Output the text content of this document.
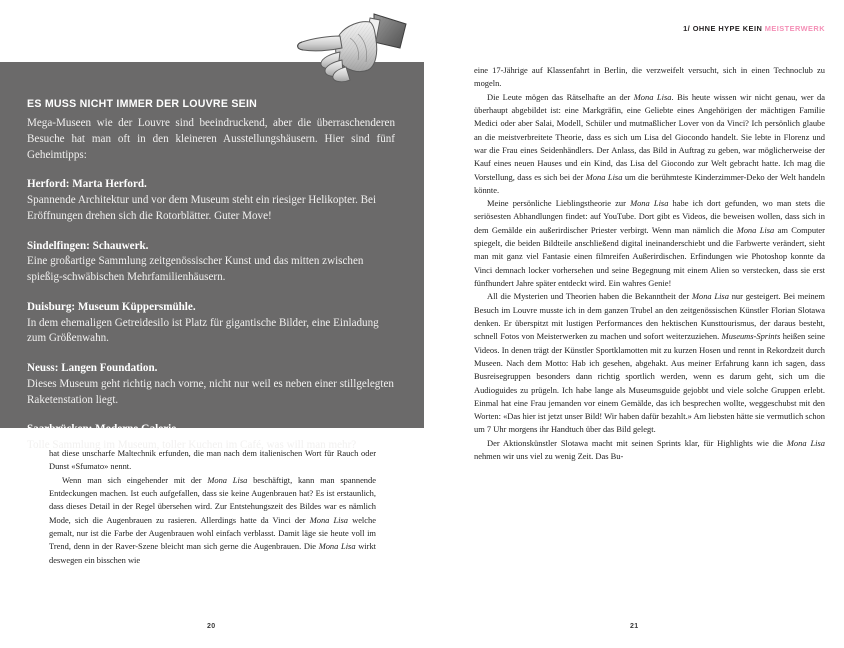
1/ OHNE HYPE KEIN MEISTERWERK
ES MUSS NICHT IMMER DER LOUVRE SEIN

Mega-Museen wie der Louvre sind beeindruckend, aber die überraschenderen Besuche hat man oft in den kleineren Ausstellungshäusern. Hier sind fünf Geheimtipps:

Herford: Marta Herford.
Spannende Architektur und vor dem Museum steht ein riesiger Helikopter. Bei Eröffnungen drehen sich die Rotorblätter. Guter Move!
Sindelfingen: Schauwerk.
Eine großartige Sammlung zeitgenössischer Kunst und das mitten zwischen spießig-schwäbischen Mehrfamilienhäusern.
Duisburg: Museum Küppersmühle.
In dem ehemaligen Getreidesilo ist Platz für gigantische Bilder, eine Einladung zum Größenwahn.
Neuss: Langen Foundation.
Dieses Museum geht richtig nach vorne, nicht nur weil es neben einer stillgelegten Raketenstation liegt.
Saarbrücken: Moderne Galerie.
Tolle Sammlung im Museum, toller Kuchen im Café, was will man mehr?

hat diese unscharfe Maltechnik erfunden, die man nach dem italienischen Wort für Rauch oder Dunst «Sfumato» nennt.

Wenn man sich eingehender mit der Mona Lisa beschäftigt, kann man spannende Entdeckungen machen. Ist euch aufgefallen, dass sie keine Augenbrauen hat? Es ist erstaunlich, dass dieses Detail in der Regel übersehen wird. Zur Entstehungszeit des Bildes war es nämlich Mode, sich die Augenbrauen zu rasieren. Allerdings hatte da Vinci der Mona Lisa welche gemalt, nur ist die Farbe der Augenbrauen wohl einfach verblasst. Damit läge sie heute voll im Trend, denn in der Raver-Szene bleicht man sich gerne die Augenbrauen. Die Mona Lisa wirkt deswegen ein bisschen wie

eine 17-Jährige auf Klassenfahrt in Berlin, die verzweifelt versucht, sich in einen Technoclub zu mogeln.

Die Leute mögen das Rätselhafte an der Mona Lisa. Bis heute wissen wir nicht genau, wer da überhaupt abgebildet ist: eine Markgräfin, eine Geliebte eines Angehörigen der mächtigen Familie Medici oder aber Salai, Modell, Schüler und mutmaßlicher Lover von da Vinci? Ich persönlich glaube an die meistverbreitete Theorie, dass es sich um Lisa del Giocondo handelt. Sie lebte in Florenz und war die Frau eines Seidenhändlers. Der Anlass, das Bild in Auftrag zu geben, war möglicherweise der Kauf eines neuen Hauses und ein Kind, das Lisa del Giocondo zur Welt gebracht hatte. Ich mag die Vorstellung, dass es sich bei der Mona Lisa um die berühmteste Kinderzimmer-Deko der Welt handeln könnte.

Meine persönliche Lieblingstheorie zur Mona Lisa habe ich dort gefunden, wo man stets die seriösesten Abhandlungen findet: auf YouTube. Dort gibt es Videos, die beweisen wollen, dass sich in dem Gemälde ein außerirdischer Priester verbirgt. Wenn man nämlich die Mona Lisa am Computer spiegelt, die beiden Bildteile anschließend digital ineinanderschiebt und die Farbwerte verändert, sieht man mit ganz viel Fantasie einen filmreifen Außerirdischen. Erfindungen wie Photoshop konnte da Vinci demnach locker vorhersehen und seine Begegnung mit einem Alien so verstecken, dass sie erst fünfhundert Jahre später entdeckt wird. Ein wahres Genie!

All die Mysterien und Theorien haben die Bekanntheit der Mona Lisa nur gesteigert. Bei meinem Besuch im Louvre musste ich in dem ganzen Trubel an den zeitgenössischen Künstler Florian Slotawa denken. Er überspitzt mit lustigen Performances den hektischen Kunsttourismus, der daraus besteht, schnell Fotos von Meisterwerken zu machen und sofort weiterzuziehen. Museums-Sprints heißen seine Videos. In denen trägt der Künstler Sportklamotten mit zu kurzen Hosen und rennt in Rekordzeit durch Museen. Nach dem Motto: Hab ich gesehen, abgehakt. Aus meiner Erfahrung kann ich sagen, dass Busreisegruppen besonders dann richtig sportlich werden, wenn es darum geht, sich um die Audioguides zu prügeln. Ich habe lange als Museumsguide gejobbt und viele solche Gruppen erlebt. Einmal hat eine Frau jemanden vor einem Gemälde, das ich besprechen wollte, weggeschubst mit den Worten: «Das hier ist jetzt unser Bild! Wir haben dafür bezahlt.» Am liebsten hätte sie vermutlich schon um 7 Uhr morgens ihr Handtuch über das Bild gelegt.

Der Aktionskünstler Slotawa macht mit seinen Sprints klar, für Highlights wie die Mona Lisa nehmen wir uns viel zu wenig Zeit. Das Bu-

20	21
